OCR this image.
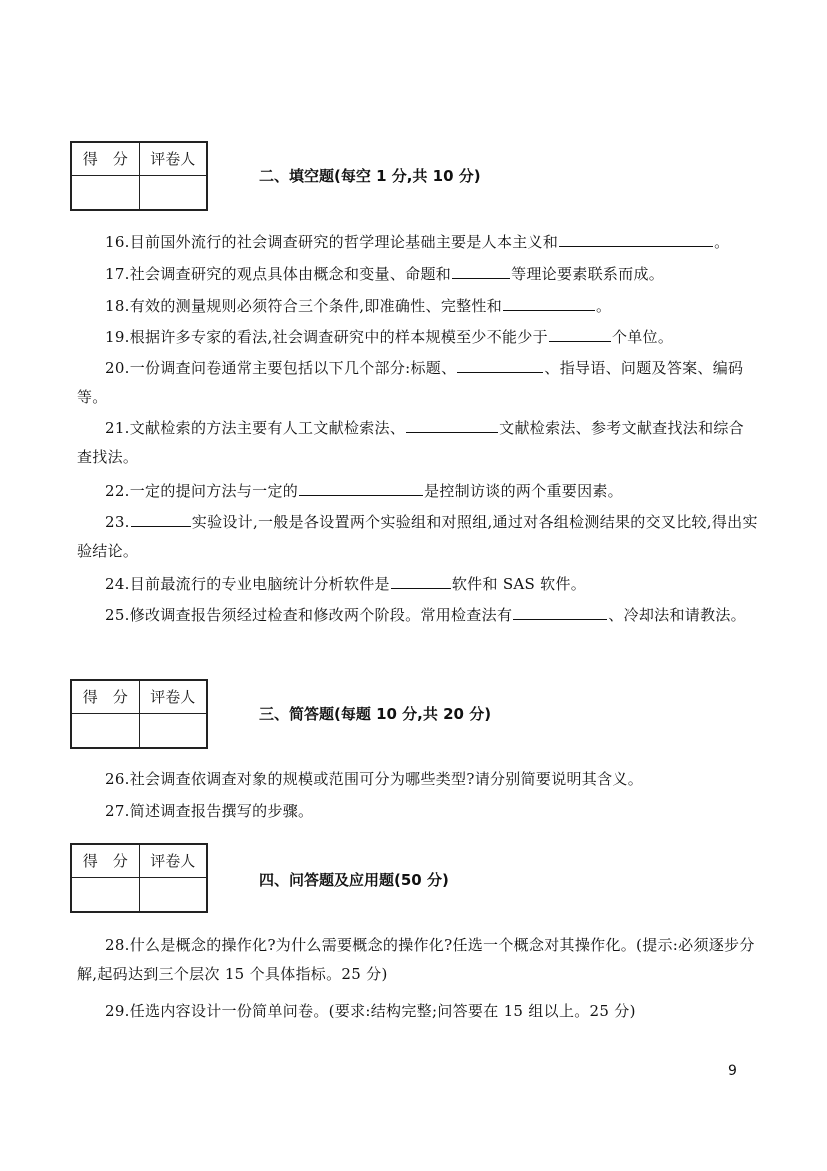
得　分	评卷人

二、填空题(每空 1 分,共 10 分)

16.目前国外流行的社会调查研究的哲学理论基础主要是人本主义和	。

17.社会调查研究的观点具体由概念和变量、命题和	等理论要素联系而成。

18.有效的测量规则必须符合三个条件,即准确性、完整性和	。

19.根据许多专家的看法,社会调查研究中的样本规模至少不能少于	个单位。

20.一份调查问卷通常主要包括以下几个部分:标题、	、指导语、问题及答案、编码等。

21.文献检索的方法主要有人工文献检索法、	文献检索法、参考文献查找法和综合查找法。

22.一定的提问方法与一定的	是控制访谈的两个重要因素。

23.	实验设计,一般是各设置两个实验组和对照组,通过对各组检测结果的交叉比较,得出实验结论。

24.目前最流行的专业电脑统计分析软件是	软件和 SAS 软件。

25.修改调查报告须经过检查和修改两个阶段。常用检查法有	、冷却法和请教法。

得　分	评卷人

三、简答题(每题 10 分,共 20 分)

26.社会调查依调查对象的规模或范围可分为哪些类型?请分别简要说明其含义。

27.简述调查报告撰写的步骤。

得　分	评卷人

四、问答题及应用题(50 分)

28.什么是概念的操作化?为什么需要概念的操作化?任选一个概念对其操作化。(提示:必须逐步分解,起码达到三个层次 15 个具体指标。25 分)

29.任选内容设计一份简单问卷。(要求:结构完整;问答要在 15 组以上。25 分)

9
